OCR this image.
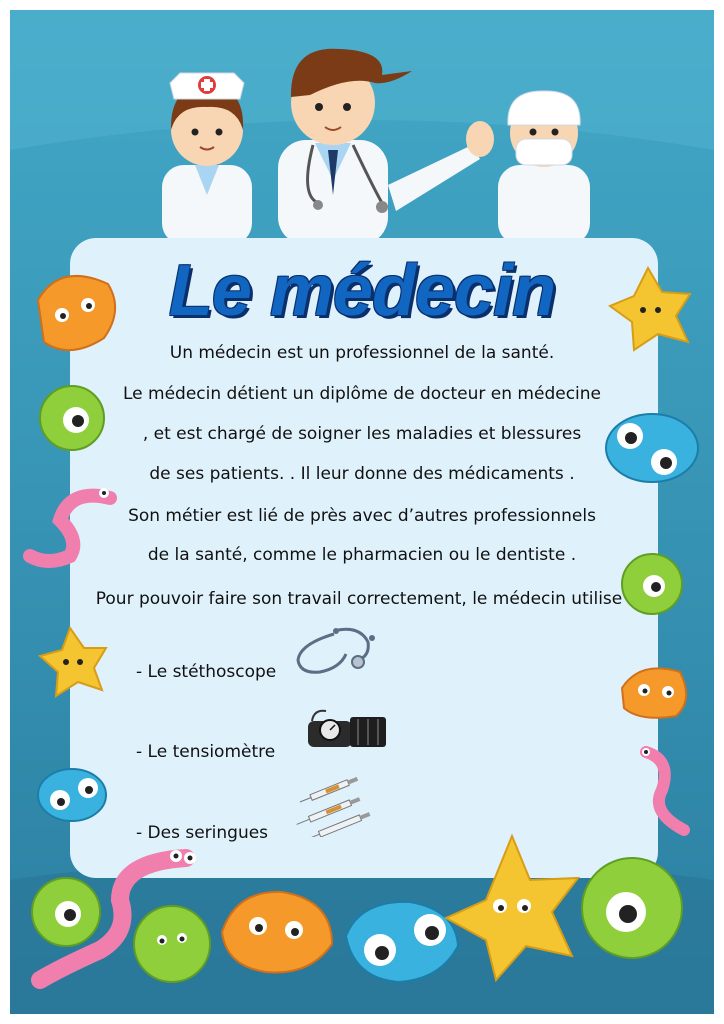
Le médecin
Un médecin est un professionnel de la santé.
Le médecin détient un diplôme de docteur en médecine
, et est chargé de soigner les maladies et blessures
de ses patients. . Il leur donne des médicaments .
Son métier est lié de près avec d’autres professionnels
de la santé, comme le pharmacien ou le dentiste .
Pour pouvoir faire son travail correctement, le médecin utilise
- Le stéthoscope
- Le tensiomètre
- Des seringues
